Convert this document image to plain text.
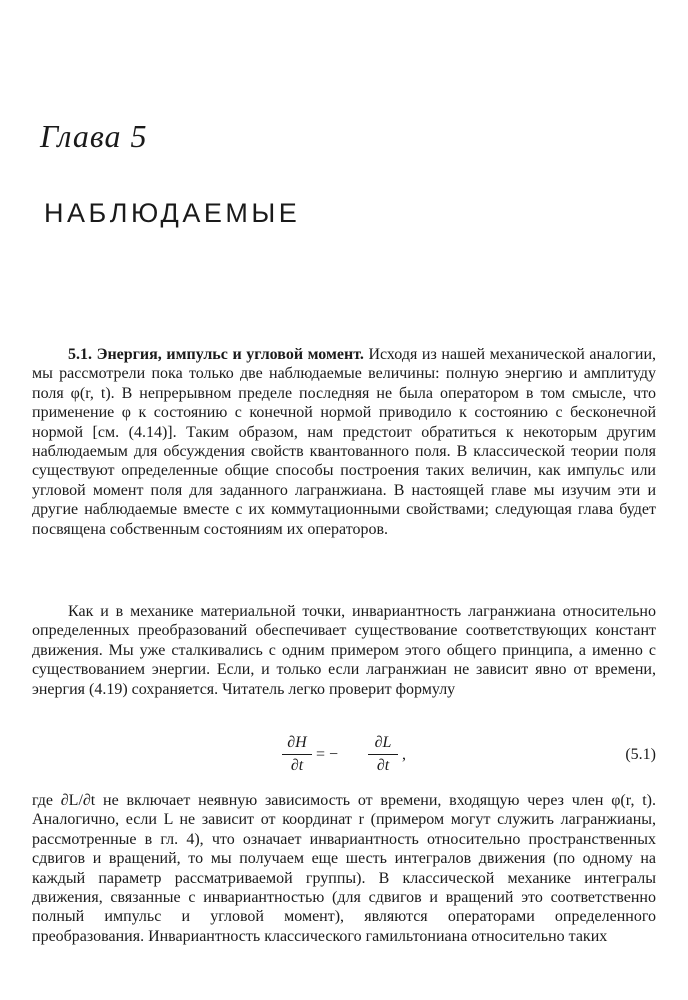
Глава 5
НАБЛЮДАЕМЫЕ

5.1. Энергия, импульс и угловой момент. Исходя из нашей механической аналогии, мы рассмотрели пока только две наблюдаемые величины: полную энергию и амплитуду поля φ(r, t). В непрерывном пределе последняя не была оператором в том смысле, что применение φ к состоянию с конечной нормой приводило к состоянию с бесконечной нормой [см. (4.14)]. Таким образом, нам предстоит обратиться к некоторым другим наблюдаемым для обсуждения свойств квантованного поля. В классической теории поля существуют определенные общие способы построения таких величин, как импульс или угловой момент поля для заданного лагранжиана. В настоящей главе мы изучим эти и другие наблюдаемые вместе с их коммутационными свойствами; следующая глава будет посвящена собственным состояниям их операторов.

Как и в механике материальной точки, инвариантность лагранжиана относительно определенных преобразований обеспечивает существование соответствующих констант движения. Мы уже сталкивались с одним примером этого общего принципа, а именно с существованием энергии. Если, и только если лагранжиан не зависит явно от времени, энергия (4.19) сохраняется. Читатель легко проверит формулу

$\frac{\partial H}{\partial t}$ = − $\frac{\partial L}{\partial t}$ ,	(5.1)

где ∂L/∂t не включает неявную зависимость от времени, входящую через член φ(r, t). Аналогично, если L не зависит от координат r (примером могут служить лагранжианы, рассмотренные в гл. 4), что означает инвариантность относительно пространственных сдвигов и вращений, то мы получаем еще шесть интегралов движения (по одному на каждый параметр рассматриваемой группы). В классической механике интегралы движения, связанные с инвариантностью (для сдвигов и вращений это соответственно полный импульс и угловой момент), являются операторами определенного преобразования. Инвариантность классического гамильтониана относительно таких
